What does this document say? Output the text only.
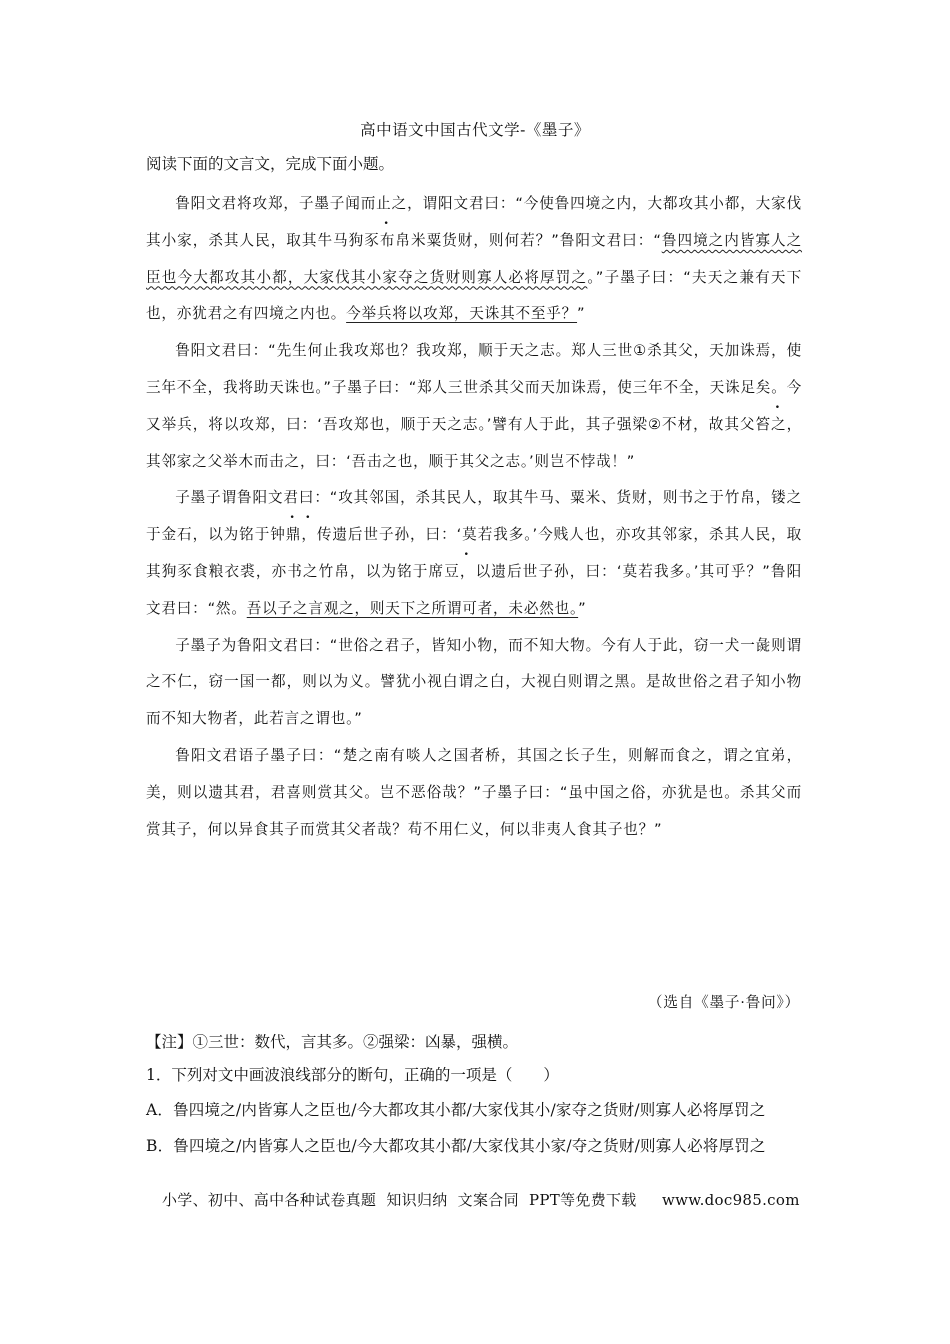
高中语文中国古代文学-《墨子》
阅读下面的文言文，完成下面小题。

鲁阳文君将攻郑，子墨子闻而止之，谓阳文君曰：“今使鲁四境之内，大都攻其小都，大家伐其小家，杀其人民，取其牛马狗豕布帛米粟货财，则何若？”鲁阳文君曰：“鲁四境之内皆寡人之臣也今大都攻其小都，大家伐其小家夺之货财则寡人必将厚罚之。”子墨子曰：“夫天之兼有天下也，亦犹君之有四境之内也。今举兵将以攻郑，天诛其不至乎？”

鲁阳文君曰：“先生何止我攻郑也？我攻郑，顺于天之志。郑人三世①杀其父，天加诛焉，使三年不全，我将助天诛也。”子墨子曰：“郑人三世杀其父而天加诛焉，使三年不全，天诛足矣。今又举兵，将以攻郑，曰：‘吾攻郑也，顺于天之志。’譬有人于此，其子强梁②不材，故其父笞之，其邻家之父举木而击之，曰：‘吾击之也，顺于其父之志。’则岂不悖哉！”

子墨子谓鲁阳文君曰：“攻其邻国，杀其民人，取其牛马、粟米、货财，则书之于竹帛，镂之于金石，以为铭于钟鼎，传遗后世子孙，曰：‘莫若我多。’今贱人也，亦攻其邻家，杀其人民，取其狗豕食粮衣裘，亦书之竹帛，以为铭于席豆，以遗后世子孙，曰：‘莫若我多。’其可乎？”鲁阳文君曰：“然。吾以子之言观之，则天下之所谓可者，未必然也。”

子墨子为鲁阳文君曰：“世俗之君子，皆知小物，而不知大物。今有人于此，窃一犬一彘则谓之不仁，窃一国一都，则以为义。譬犹小视白谓之白，大视白则谓之黑。是故世俗之君子知小物而不知大物者，此若言之谓也。”

鲁阳文君语子墨子曰：“楚之南有啖人之国者桥，其国之长子生，则解而食之，谓之宜弟，美，则以遗其君，君喜则赏其父。岂不恶俗哉？”子墨子曰：“虽中国之俗，亦犹是也。杀其父而赏其子，何以异食其子而赏其父者哉？苟不用仁义，何以非夷人食其子也？”

（选自《墨子·鲁问》）
【注】①三世：数代，言其多。②强梁：凶暴，强横。
1．下列对文中画波浪线部分的断句，正确的一项是（　　）
A．鲁四境之/内皆寡人之臣也/今大都攻其小都/大家伐其小/家夺之货财/则寡人必将厚罚之
B．鲁四境之/内皆寡人之臣也/今大都攻其小都/大家伐其小家/夺之货财/则寡人必将厚罚之
小学、初中、高中各种试卷真题  知识归纳  文案合同  PPT等免费下载     www.doc985.com
